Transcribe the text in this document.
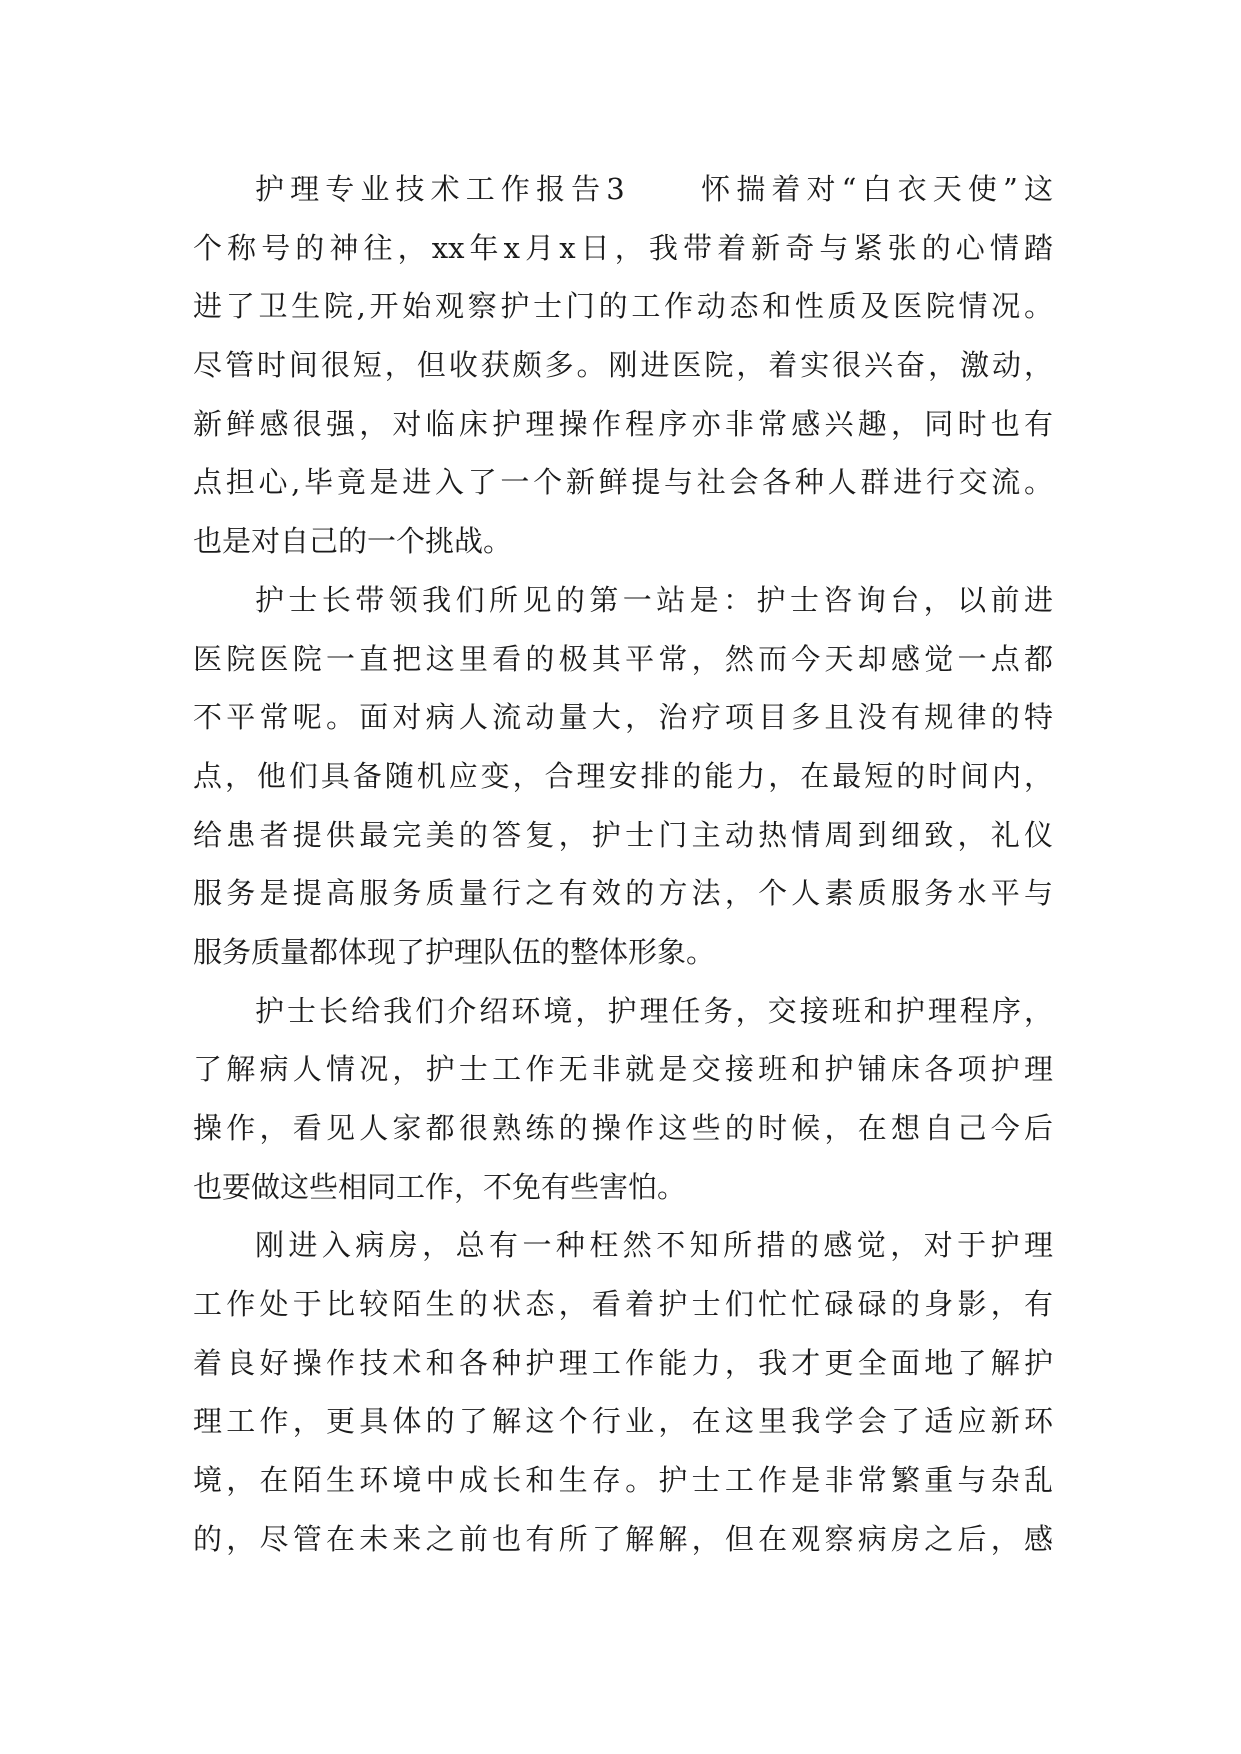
护理专业技术工作报告3　　怀揣着对“白衣天使”这
个称号的神往，xx年x月x日，我带着新奇与紧张的心情踏
进了卫生院,开始观察护士门的工作动态和性质及医院情况。
尽管时间很短，但收获颇多。刚进医院，着实很兴奋，激动，
新鲜感很强，对临床护理操作程序亦非常感兴趣，同时也有
点担心,毕竟是进入了一个新鲜提与社会各种人群进行交流。
也是对自己的一个挑战。
护士长带领我们所见的第一站是：护士咨询台，以前进
医院医院一直把这里看的极其平常，然而今天却感觉一点都
不平常呢。面对病人流动量大，治疗项目多且没有规律的特
点，他们具备随机应变，合理安排的能力，在最短的时间内，
给患者提供最完美的答复，护士门主动热情周到细致，礼仪
服务是提高服务质量行之有效的方法，个人素质服务水平与
服务质量都体现了护理队伍的整体形象。
护士长给我们介绍环境，护理任务，交接班和护理程序，
了解病人情况，护士工作无非就是交接班和护铺床各项护理
操作，看见人家都很熟练的操作这些的时候，在想自己今后
也要做这些相同工作，不免有些害怕。
刚进入病房，总有一种枉然不知所措的感觉，对于护理
工作处于比较陌生的状态，看着护士们忙忙碌碌的身影，有
着良好操作技术和各种护理工作能力，我才更全面地了解护
理工作，更具体的了解这个行业，在这里我学会了适应新环
境，在陌生环境中成长和生存。护士工作是非常繁重与杂乱
的，尽管在未来之前也有所了解解，但在观察病房之后，感
